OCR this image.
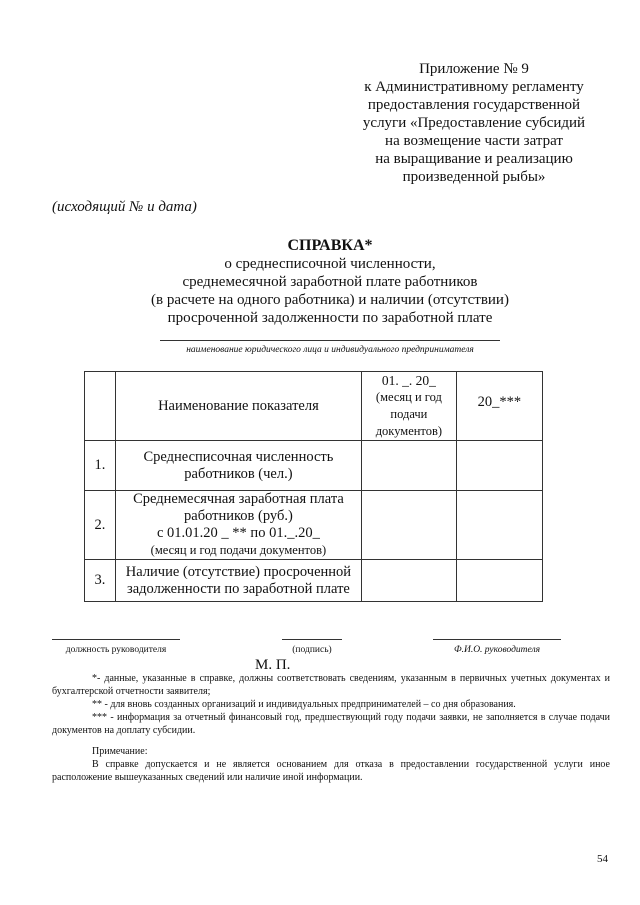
Приложение № 9
к Административному регламенту
предоставления государственной
услуги «Предоставление субсидий
на возмещение части затрат
на выращивание и реализацию
произведенной рыбы»
(исходящий № и дата)
СПРАВКА*
о среднесписочной численности,
среднемесячной заработной плате работников
(в расчете на одного работника) и наличии (отсутствии)
просроченной задолженности по заработной плате
наименование юридического лица и индивидуального предпринимателя
	Наименование показателя	01. _. 20_
(месяц и год
подачи
документов)	20_***
1.	Среднесписочная численность
работников (чел.)		

2.	Среднемесячная заработная плата
работников (руб.)
с 01.01.20 _ ** по 01._.20_
(месяц и год подачи документов)		

3.	Наличие (отсутствие) просроченной
задолженности по заработной плате		

должность руководителя	(подпись)	Ф.И.О. руководителя
М. П.

*- данные, указанные в справке, должны соответствовать сведениям, указанным в первичных учетных документах и бухгалтерской отчетности заявителя;

** - для вновь созданных организаций и индивидуальных предпринимателей – со дня образования.

*** - информация за отчетный финансовый год, предшествующий году подачи заявки, не заполняется в случае подачи документов на доплату субсидии.

Примечание:

В справке допускается и не является основанием для отказа в предоставлении государственной услуги иное расположение вышеуказанных сведений или наличие иной информации.

54
